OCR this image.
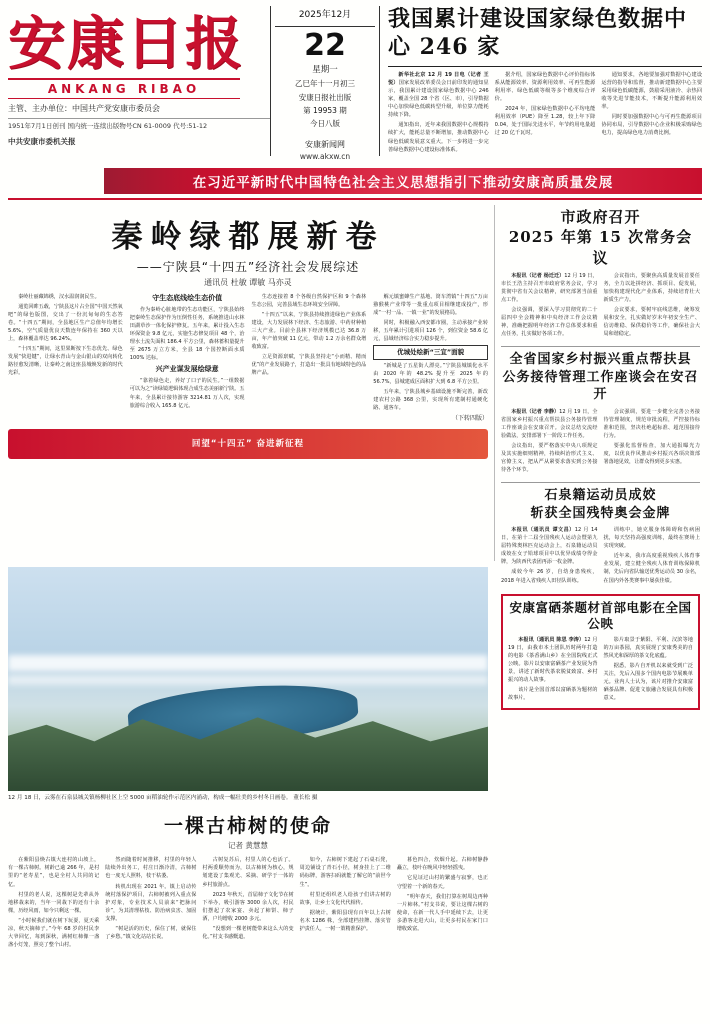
安康日报
ANKANG RIBAO
主管、主办单位：中国共产党安康市委员会
1951年7月1日创刊 国内统一连续出版物号CN 61-0009 代号:51-12
中共安康市委机关报
2025年12月
22
星期一
乙巳年十一月初三
安康日报社出版
第 19953 期
今日八版
安康新闻网
www.akxw.cn
我国累计建设国家绿色数据中心 246 家

新华社北京 12 月 19 日电（记者 王悦）国家发展改革委员会日前印发的通知显示，我国累计建设国家绿色数据中心 246 家，覆盖全国 28 个省（区、市），引导数据中心加快绿色低碳转型升级，单位算力能耗持续下降。

通知指出，近年来我国数据中心规模持续扩大，能耗总量不断增加，推动数据中心绿色低碳发展意义重大。下一步将进一步完善绿色数据中心建设标准体系。

据介绍，国家绿色数据中心评价指标体系从能源效率、资源利用效率、可再生能源利用率、绿色低碳等级等多个维度综合评价。

2024 年，国家绿色数据中心平均电能利用效率（PUE）降至 1.28，较上年下降 0.04，处于国际先进水平，年节约用电量超过 20 亿千瓦时。

通知要求，各地要加强对数据中心建设运营的指导和监督，推动新建数据中心主要采用绿色低碳能源，鼓励采用液冷、余热回收等先进节能技术，不断提升能源利用效率。

同时要加强数据中心与可再生能源项目协同布局，引导数据中心企业积极采购绿色电力，提高绿色电力消费比例。

在习近平新时代中国特色社会主义思想指引下推动安康高质量发展
秦岭绿都展新卷
——宁陕县“十四五”经济社会发展综述
通讯员 杜敏 谭敏 马亦灵

秦岭壮丽藏锦绣，汉水温润润民生。

通览回眸五载，宁陕县这片占全国“中国天然氧吧”的绿色版图，交出了一份沉甸甸的生态答卷。“十四五”期间，全县地区生产总值年均增长 5.6%，空气质量优良天数连年保持在 360 天以上，森林覆盖率达 96.24%。

“十四五”期间，这里果断按下生态优先、绿色发展“快进键”，让绿水青山与金山银山的双向转化路径愈发清晰，让秦岭之南这座县城焕发新的时代光彩。

守生态底线绘生态价值

作为秦岭心脏地带的生态功能区，宁陕县始终把秦岭生态保护作为压倒性任务，系统推进山水林田湖草沙一体化保护修复。五年来，累计投入生态环保资金 9.8 亿元，实施生态修复项目 48 个，治理水土流失面积 186.4 平方公里，森林蓄积量提升至 2675 万立方米，全县 18 个国控断面水质 100% 达标。

兴产业谋发展绘绿意

“靠着绿色走，养好了口子的民生。”一组数据可以为之“读绿镜逻辑体现合成生态美丽新宁陕。五年来，全县累计接待游客 3214.81 万人次，实现旅游综合收入 165.8 亿元。

生态连接着 8 个各级自然保护区和 9 个森林生态公园，完善县域生态环境安全屏障。

“十四五”以来，宁陕县持续推进绿色产业体系建设，大力发展林下经济、生态旅游、中药材种植三大产业。目前全县林下经济规模已达 36.8 万亩，年产值突破 11 亿元，带动 1.2 万余名群众增收致富。

立足资源禀赋，宁陕县坚持走“小而精、精而优”的产业发展路子，打造出一批具有地域特色的品牌产品。

解元镇蜜蜂生产基地、筒车湾镇“十四五”万亩猕猴桃产业带等一批重点项目相继建成投产，形成“一村一品、一镇一业”的发展格局。

同时，积极融入西安都市圈，主动承接产业转移，五年累计引进项目 126 个，到位资金 58.6 亿元，县域经济综合实力稳步提升。

优城处绘新“三宜”面貌

“新城是了五星街人漂亮。”宁陕县城镇化水平由 2020 年的 48.2% 提升至 2025 年的 56.7%，县城建成区面积扩大到 6.8 平方公里。

五年来，宁陕县城乡基础设施不断完善，新改建农村公路 368 公里，实现所有建制村通硬化路、通客车。

（下转四版）

回望“十四五” 奋进新征程
市政府召开
2025 年第 15 次常务会议

本报讯（记者 杨迁迁）12 月 19 日，市长王浩主持召开市政府常务会议，学习贯彻中省有关会议精神，研究部署当前重点工作。

会议强调，要深入学习贯彻党的二十届四中全会精神和中央经济工作会议精神，准确把握明年经济工作总体要求和重点任务，扎实做好各项工作。

会议指出，要聚焦高质量发展首要任务，全力以赴拼经济、抓项目、促发展，加快构建现代化产业体系，持续培育壮大新质生产力。

会议要求，要树牢底线思维，统筹发展和安全，扎实做好岁末年初安全生产、信访维稳、保供稳价等工作，确保社会大局和谐稳定。

全省国家乡村振兴重点帮扶县
公务接待管理工作座谈会在安召开

本报讯（记者 李静）12 月 19 日，全省国家乡村振兴重点帮扶县公务接待管理工作座谈会在安康召开。会议总结交流经验做法，安排部署下一阶段工作任务。

会议指出，要严格落实中央八项规定及其实施细则精神，持续纠治形式主义、官僚主义，把从严从紧要求落实到公务接待各个环节。

会议强调，要进一步健全完善公务接待管理制度，规范审批流程，严控接待标准和范围，坚决杜绝超标准、超范围接待行为。

要强化监督检查，加大通报曝光力度，以优良作风推动乡村振兴各项决策部署落地见效，让群众得到更多实惠。

石泉籍运动员成姣
斩获全国残特奥会金牌

本报讯（通讯员 谭文昌）12 月 14 日，在第十二届全国残疾人运动会暨第九届特殊奥林匹克运动会上，石泉籍运动员成姣在女子铅球项目中以优异成绩夺得金牌，为陕西代表团再添一枚金牌。

成姣今年 26 岁，自幼身患残疾，2018 年进入省残疾人田径队训练。

训练中，她克服身体障碍和伤病困扰，每天坚持高强度训练，最终在赛场上实现突破。

近年来，我市高度重视残疾人体育事业发展，建立健全残疾人体育训练保障机制，先后向省队输送优秀运动员 30 余名，在国内外各类赛事中屡获佳绩。

安康富硒茶题材首部电影在全国公映

本报讯（通讯员 陈思 李涛）12 月 19 日，由我市本土团队历时两年打造的电影《茶香满山乡》在全国院线正式公映。影片以安康富硒茶产业发展为背景，讲述了新时代茶农脱贫致富、乡村振兴的动人故事。

该片是全国首部以富硒茶为题材的故事片。

影片取景于紫阳、平利、汉滨等地的万亩茶园，真实展现了安康秀美的自然风光和深厚的茶文化底蕴。

据悉，影片自开机以来就受到广泛关注，先后入围多个国内电影节展映单元。业内人士认为，该片对推介安康富硒茶品牌、促进文旅融合发展具有积极意义。

12 月 18 日，云雾在石泉县城关镇杨柳社区上空 5000 亩稻油轮作示范区内涌动，构成一幅壮美的乡村冬日画卷。 董长松 摄
一棵古柿树的使命
记者 黄慧慧

在紫阳县焕古镇大连村的山坡上，有一棵古柿树。树龄已逾 266 年，是村里的“老寿星”，也是全村人共同的记忆。

村里的老人说，这棵树是先辈从外地移栽来的，当年一同栽下的还有十余棵，历经风雨，如今只剩这一棵。

“小时候我们就在树下玩耍，夏天乘凉，秋天摘柿子。”今年 68 岁的村民李大爷回忆，每到深秋，满树红柿像一盏盏小灯笼，照亮了整个山村。

然而随着时间推移，村里的年轻人陆续外出务工，村庄日渐冷清，古柿树也一度无人照料，枝干枯萎。

转机出现在 2021 年。镇上启动传统村落保护项目，古柿树被列入重点保护对象，专业技术人员前来“把脉问诊”，为其清理枯枝、防治病虫害、加固支撑。

“树是活的历史，保住了树，就保住了乡愁。”镇文化站站长说。

古树复苏后，村里人的心也活了。村两委顺势而为，以古柿树为核心，规划建设了集观光、采摘、研学于一体的乡村旅游点。

2023 年秋天，首届柿子文化节在树下举办，吸引游客 3000 余人次，村民们摆起了农家宴、卖起了柿饼、柿子酒，户均增收 2000 多元。

“没想到一棵老树能带来这么大的变化。”村支书感慨道。

如今，古柿树下建起了石桌石凳，周边铺设了青石小径，树身挂上了二维码标牌，游客扫码就能了解它的“前世今生”。

村里还组织老人给孩子们讲古树的故事，让乡土文化代代相传。

据统计，紫阳县现有百年以上古树名木 1286 株，全部建档挂牌、落实管护责任人，一树一策精准保护。

暮色四合，炊烟升起。古柿树静静矗立，枝叶在晚风中轻轻摇曳。

它见证过山村的繁盛与寂寥，也正守望着一个新的春天。

“明年春天，我们打算在树周边再种一片柿林。”村支书说，要让这棵古树的使命，在新一代人手中延续下去，让更多游客走进大山，让更多村民在家门口增收致富。
